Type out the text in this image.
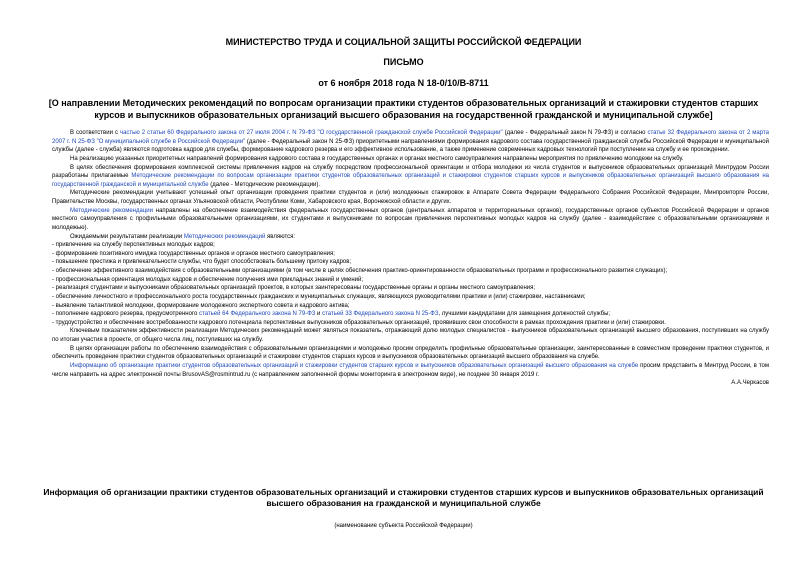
МИНИСТЕРСТВО ТРУДА И СОЦИАЛЬНОЙ ЗАЩИТЫ РОССИЙСКОЙ ФЕДЕРАЦИИ
ПИСЬМО
от 6 ноября 2018 года N 18-0/10/В-8711
[О направлении Методических рекомендаций по вопросам организации практики студентов образовательных организаций и стажировки студентов старших курсов и выпускников образовательных организаций высшего образования на государственной гражданской и муниципальной службе]

В соответствии с частью 2 статьи 60 Федерального закона от 27 июля 2004 г. N 79-ФЗ "О государственной гражданской службе Российской Федерации" (далее - Федеральный закон N 79-ФЗ) и согласно статье 32 Федерального закона от 2 марта 2007 г. N 25-ФЗ "О муниципальной службе в Российской Федерации" (далее - Федеральный закон N 25-ФЗ) приоритетными направлениями формирования кадрового состава государственной гражданской службы Российской Федерации и муниципальной службы (далее - служба) являются подготовка кадров для службы, формирование кадрового резерва и его эффективное использование, а также применение современных кадровых технологий при поступлении на службу и ее прохождении.

На реализацию указанных приоритетных направлений формирования кадрового состава в государственных органах и органах местного самоуправления направлены мероприятия по привлечению молодежи на службу.

В целях обеспечения формирования комплексной системы привлечения кадров на службу посредством профессиональной ориентации и отбора молодежи из числа студентов и выпускников образовательных организаций Минтрудом России разработаны прилагаемые Методические рекомендации по вопросам организации практики студентов образовательных организаций и стажировки студентов старших курсов и выпускников образовательных организаций высшего образования на государственной гражданской и муниципальной службе (далее - Методические рекомендации).

Методические рекомендации учитывают успешный опыт организации проведения практики студентов и (или) молодежных стажировок в Аппарате Совета Федерации Федерального Собрания Российской Федерации, Минпромторге России, Правительстве Москвы, государственных органах Ульяновской области, Республики Коми, Хабаровского края, Воронежской области и других.

Методические рекомендации направлены на обеспечение взаимодействия федеральных государственных органов (центральных аппаратов и территориальных органов), государственных органов субъектов Российской Федерации и органов местного самоуправления с профильными образовательными организациями, их студентами и выпускниками по вопросам привлечения перспективных молодых кадров на службу (далее - взаимодействие с образовательными организациями и молодежью).

Ожидаемыми результатами реализации Методических рекомендаций являются:

- привлечение на службу перспективных молодых кадров;

- формирование позитивного имиджа государственных органов и органов местного самоуправления;

- повышение престижа и привлекательности службы, что будет способствовать большему притоку кадров;

- обеспечение эффективного взаимодействия с образовательными организациями (в том числе в целях обеспечения практико-ориентированности образовательных программ и профессионального развития служащих);

- профессиональная ориентация молодых кадров и обеспечение получения ими прикладных знаний и умений;

- реализация студентами и выпускниками образовательных организаций проектов, в которых заинтересованы государственные органы и органы местного самоуправления;

- обеспечение личностного и профессионального роста государственных гражданских и муниципальных служащих, являющихся руководителями практики и (или) стажировки, наставниками;

- выявление талантливой молодежи, формирование молодежного экспертного совета и кадрового актива;

- пополнение кадрового резерва, предусмотренного статьей 64 Федерального закона N 79-ФЗ и статьей 33 Федерального закона N 25-ФЗ, лучшими кандидатами для замещения должностей службы;

- трудоустройство и обеспечение востребованности кадрового потенциала перспективных выпускников образовательных организаций, проявивших свои способности в рамках прохождения практики и (или) стажировки.

Ключевым показателем эффективности реализации Методических рекомендаций может являться показатель, отражающий долю молодых специалистов - выпускников образовательных организаций высшего образования, поступивших на службу по итогам участия в проекте, от общего числа лиц, поступивших на службу.

В целях организации работы по обеспечению взаимодействия с образовательными организациями и молодежью просим определить профильные образовательные организации, заинтересованные в совместном проведении практики студентов, и обеспечить проведение практики студентов образовательных организаций и стажировки студентов старших курсов и выпускников образовательных организаций высшего образования на службе.

Информацию об организации практики студентов образовательных организаций и стажировки студентов старших курсов и выпускников образовательных организаций высшего образования на службе просим представить в Минтруд России, в том числе направить на адрес электронной почты BrusovAS@rosmintrud.ru (с направлением заполненной формы мониторинга в электронном виде), не позднее 30 января 2019 г.

А.А.Черкасов

Информация об организации практики студентов образовательных организаций и стажировки студентов старших курсов и выпускников образовательных организаций высшего образования на гражданской и муниципальной службе
(наименование субъекта Российской Федерации)
